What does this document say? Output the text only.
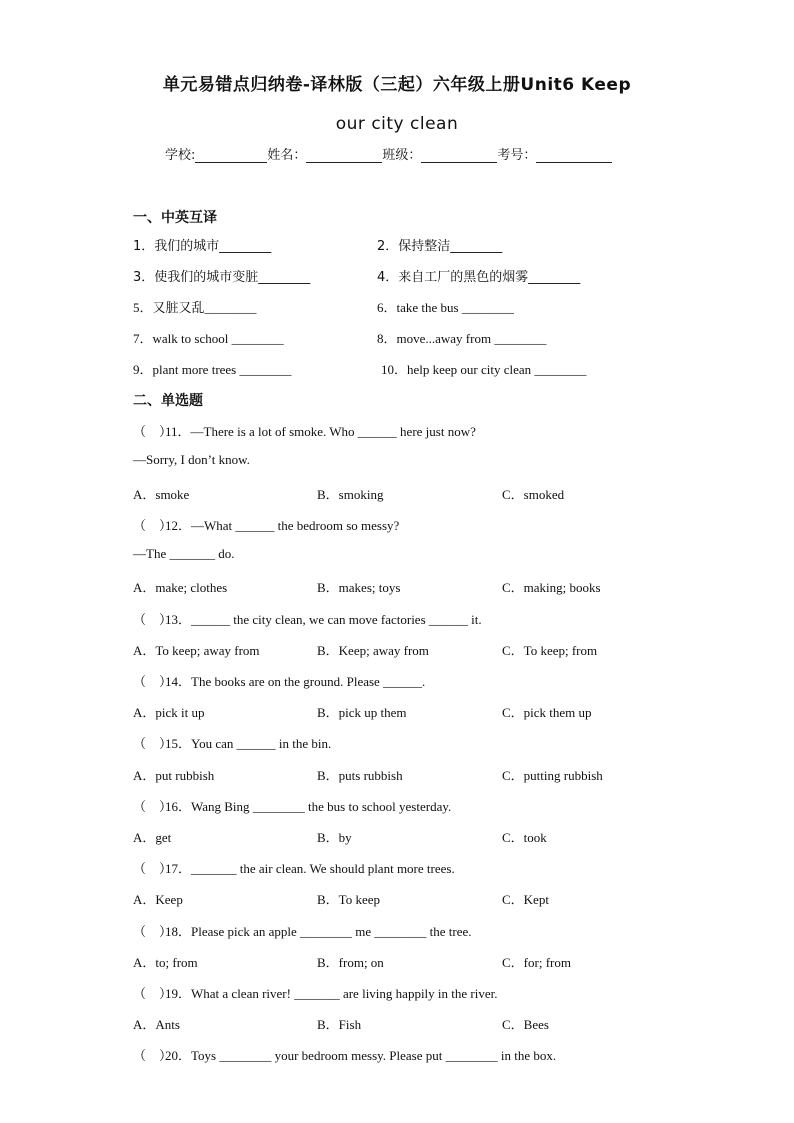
单元易错点归纳卷-译林版（三起）六年级上册Unit6 Keep
our city clean
学校:	姓名：	班级：	考号：
一、中英互译
1．我们的城市________	2．保持整洁________
3．使我们的城市变脏________	4．来自工厂的黑色的烟雾________
5．又脏又乱________	6．take the bus ________
7．walk to school ________	8．move...away from ________
9．plant more trees ________	10．help keep our city clean ________
二、单选题
（　）11．—There is a lot of smoke. Who ______ here just now?
—Sorry, I don’t know.
A．smoke	B．smoking	C．smoked
（　）12．—What ______ the bedroom so messy?
—The _______ do.
A．make; clothes	B．makes; toys	C．making; books
（　）13．______ the city clean, we can move factories ______ it.
A．To keep; away from	B．Keep; away from	C．To keep; from
（　）14．The books are on the ground. Please ______.
A．pick it up	B．pick up them	C．pick them up
（　）15．You can ______ in the bin.
A．put rubbish	B．puts rubbish	C．putting rubbish
（　）16．Wang Bing ________ the bus to school yesterday.
A．get	B．by	C．took
（　）17．_______ the air clean. We should plant more trees.
A．Keep	B．To keep	C．Kept
（　）18．Please pick an apple ________ me ________ the tree.
A．to; from	B．from; on	C．for; from
（　）19．What a clean river! _______ are living happily in the river.
A．Ants	B．Fish	C．Bees
（　）20．Toys ________ your bedroom messy. Please put ________ in the box.
